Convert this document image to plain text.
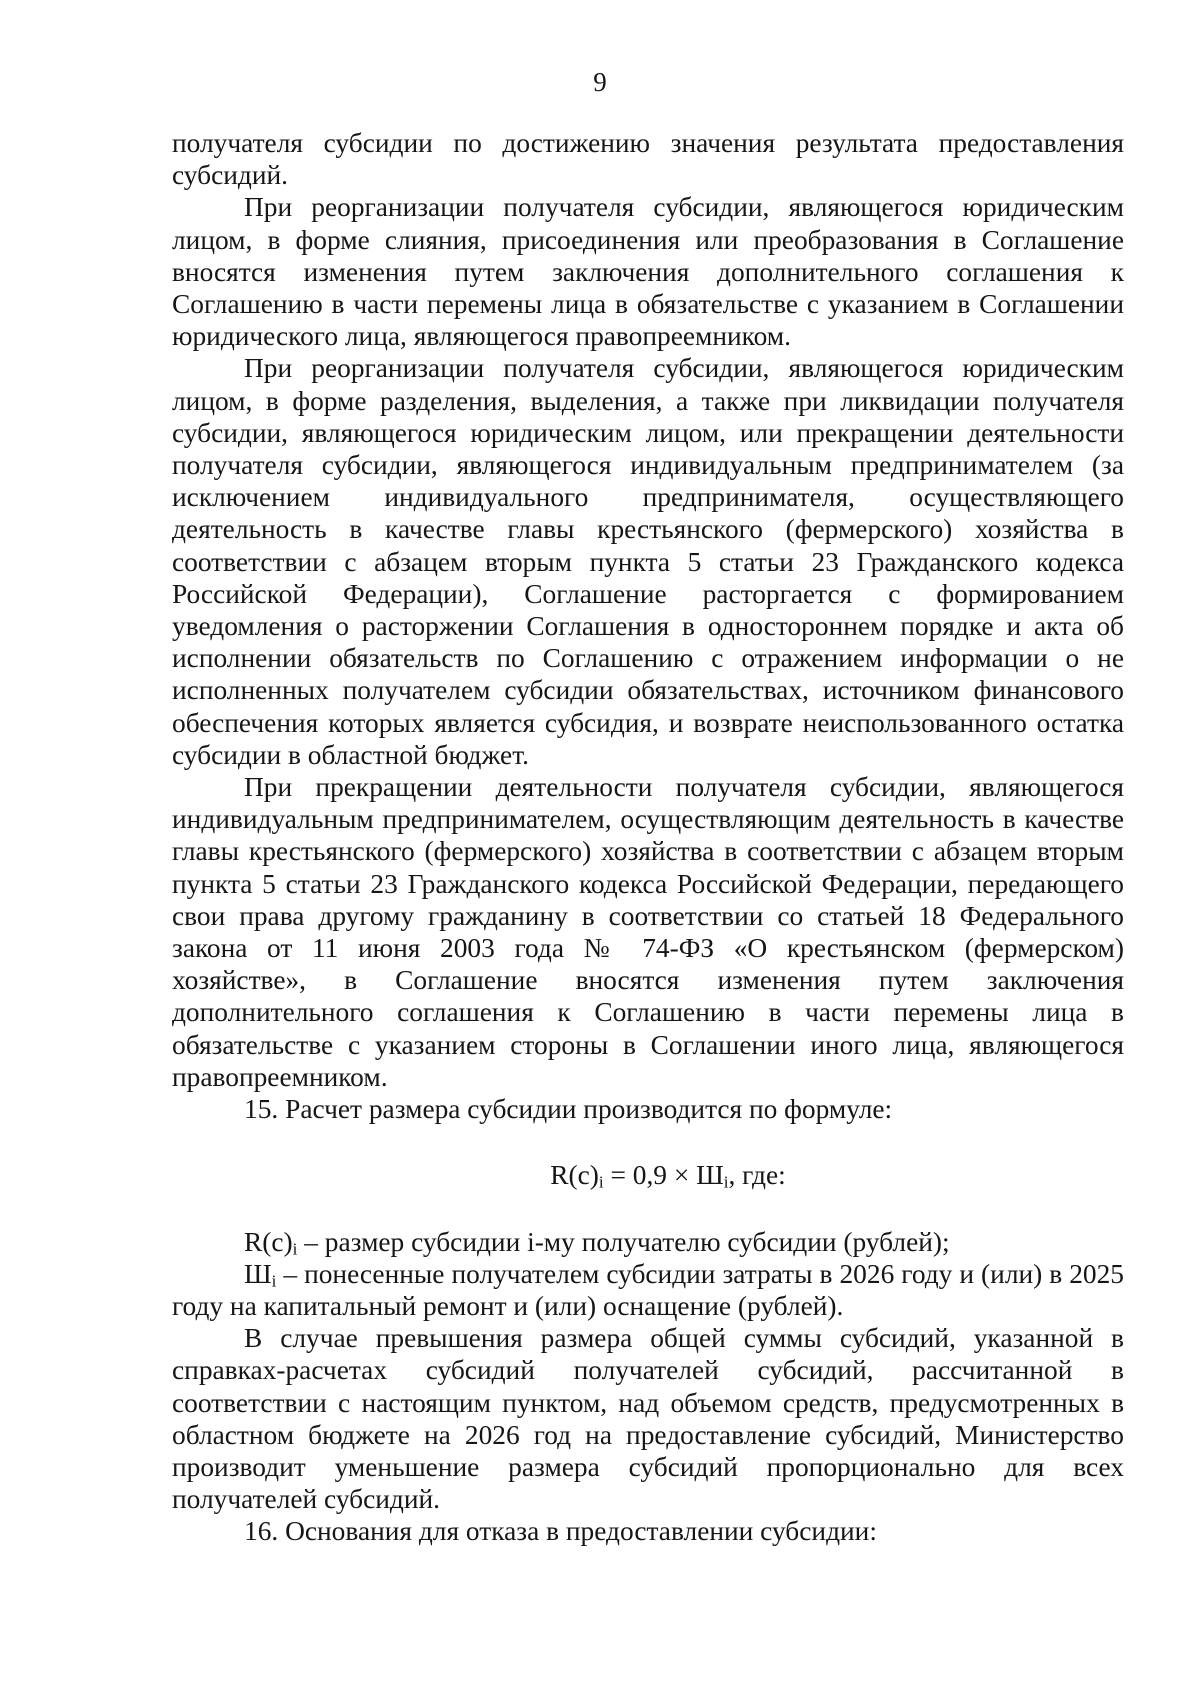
9

получателя субсидии по достижению значения результата предоставления субсидий.

При реорганизации получателя субсидии, являющегося юридическим лицом, в форме слияния, присоединения или преобразования в Соглашение вносятся изменения путем заключения дополнительного соглашения к Соглашению в части перемены лица в обязательстве с указанием в Соглашении юридического лица, являющегося правопреемником.

При реорганизации получателя субсидии, являющегося юридическим лицом, в форме разделения, выделения, а также при ликвидации получателя субсидии, являющегося юридическим лицом, или прекращении деятельности получателя субсидии, являющегося индивидуальным предпринимателем (за исключением индивидуального предпринимателя, осуществляющего деятельность в качестве главы крестьянского (фермерского) хозяйства в соответствии с абзацем вторым пункта 5 статьи 23 Гражданского кодекса Российской Федерации), Соглашение расторгается с формированием уведомления о расторжении Соглашения в одностороннем порядке и акта об исполнении обязательств по Соглашению с отражением информации о не исполненных получателем субсидии обязательствах, источником финансового обеспечения которых является субсидия, и возврате неиспользованного остатка субсидии в областной бюджет.

При прекращении деятельности получателя субсидии, являющегося индивидуальным предпринимателем, осуществляющим деятельность в качестве главы крестьянского (фермерского) хозяйства в соответствии с абзацем вторым пункта 5 статьи 23 Гражданского кодекса Российской Федерации, передающего свои права другому гражданину в соответствии со статьей 18 Федерального закона от 11 июня 2003 года № 74-ФЗ «О крестьянском (фермерском) хозяйстве», в Соглашение вносятся изменения путем заключения дополнительного соглашения к Соглашению в части перемены лица в обязательстве с указанием стороны в Соглашении иного лица, являющегося правопреемником.

15. Расчет размера субсидии производится по формуле:

$R(c)_i = 0,9 \times Ш_i$, где:

$R(c)_i$ – размер субсидии i-му получателю субсидии (рублей);

$Ш_i$ – понесенные получателем субсидии затраты в 2026 году и (или) в 2025 году на капитальный ремонт и (или) оснащение (рублей).

В случае превышения размера общей суммы субсидий, указанной в справках-расчетах субсидий получателей субсидий, рассчитанной в соответствии с настоящим пунктом, над объемом средств, предусмотренных в областном бюджете на 2026 год на предоставление субсидий, Министерство производит уменьшение размера субсидий пропорционально для всех получателей субсидий.

16. Основания для отказа в предоставлении субсидии:
